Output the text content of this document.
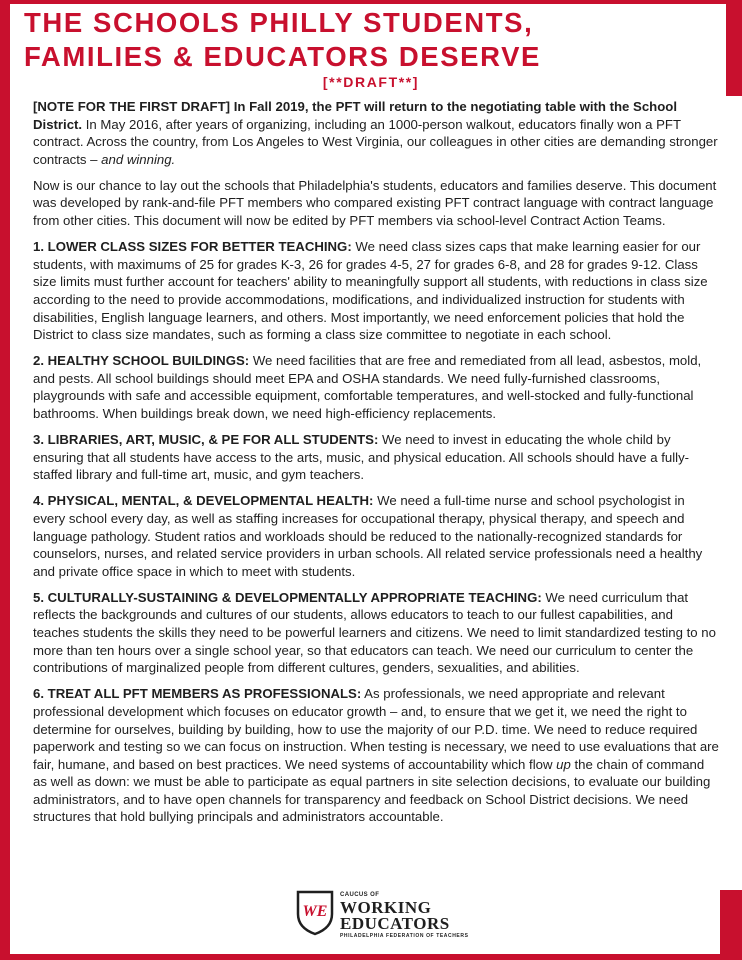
THE SCHOOLS PHILLY STUDENTS,
FAMILIES & EDUCATORS DESERVE
[**DRAFT**]

[NOTE FOR THE FIRST DRAFT] In Fall 2019, the PFT will return to the negotiating table with the School District. In May 2016, after years of organizing, including an 1000-person walkout, educators finally won a PFT contract. Across the country, from Los Angeles to West Virginia, our colleagues in other cities are demanding stronger contracts – and winning.

Now is our chance to lay out the schools that Philadelphia's students, educators and families deserve. This document was developed by rank-and-file PFT members who compared existing PFT contract language with contract language from other cities. This document will now be edited by PFT members via school-level Contract Action Teams.

1. LOWER CLASS SIZES FOR BETTER TEACHING: We need class sizes caps that make learning easier for our students, with maximums of 25 for grades K-3, 26 for grades 4-5, 27 for grades 6-8, and 28 for grades 9-12. Class size limits must further account for teachers' ability to meaningfully support all students, with reductions in class size according to the need to provide accommodations, modifications, and individualized instruction for students with disabilities, English language learners, and others. Most importantly, we need enforcement policies that hold the District to class size mandates, such as forming a class size committee to negotiate in each school.

2. HEALTHY SCHOOL BUILDINGS: We need facilities that are free and remediated from all lead, asbestos, mold, and pests. All school buildings should meet EPA and OSHA standards. We need fully-furnished classrooms, playgrounds with safe and accessible equipment, comfortable temperatures, and well-stocked and fully-functional bathrooms. When buildings break down, we need high-efficiency replacements.

3. LIBRARIES, ART, MUSIC, & PE FOR ALL STUDENTS: We need to invest in educating the whole child by ensuring that all students have access to the arts, music, and physical education. All schools should have a fully-staffed library and full-time art, music, and gym teachers.

4. PHYSICAL, MENTAL, & DEVELOPMENTAL HEALTH: We need a full-time nurse and school psychologist in every school every day, as well as staffing increases for occupational therapy, physical therapy, and speech and language pathology. Student ratios and workloads should be reduced to the nationally-recognized standards for counselors, nurses, and related service providers in urban schools. All related service professionals need a healthy and private office space in which to meet with students.

5. CULTURALLY-SUSTAINING & DEVELOPMENTALLY APPROPRIATE TEACHING: We need curriculum that reflects the backgrounds and cultures of our students, allows educators to teach to our fullest capabilities, and teaches students the skills they need to be powerful learners and citizens. We need to limit standardized testing to no more than ten hours over a single school year, so that educators can teach. We need our curriculum to center the contributions of marginalized people from different cultures, genders, sexualities, and abilities.

6. TREAT ALL PFT MEMBERS AS PROFESSIONALS: As professionals, we need appropriate and relevant professional development which focuses on educator growth – and, to ensure that we get it, we need the right to determine for ourselves, building by building, how to use the majority of our P.D. time. We need to reduce required paperwork and testing so we can focus on instruction. When testing is necessary, we need to use evaluations that are fair, humane, and based on best practices. We need systems of accountability which flow up the chain of command as well as down: we must be able to participate as equal partners in site selection decisions, to evaluate our building administrators, and to have open channels for transparency and feedback on School District decisions. We need structures that hold bullying principals and administrators accountable.

WE
CAUCUS OF
WORKING
EDUCATORS
PHILADELPHIA FEDERATION OF TEACHERS
